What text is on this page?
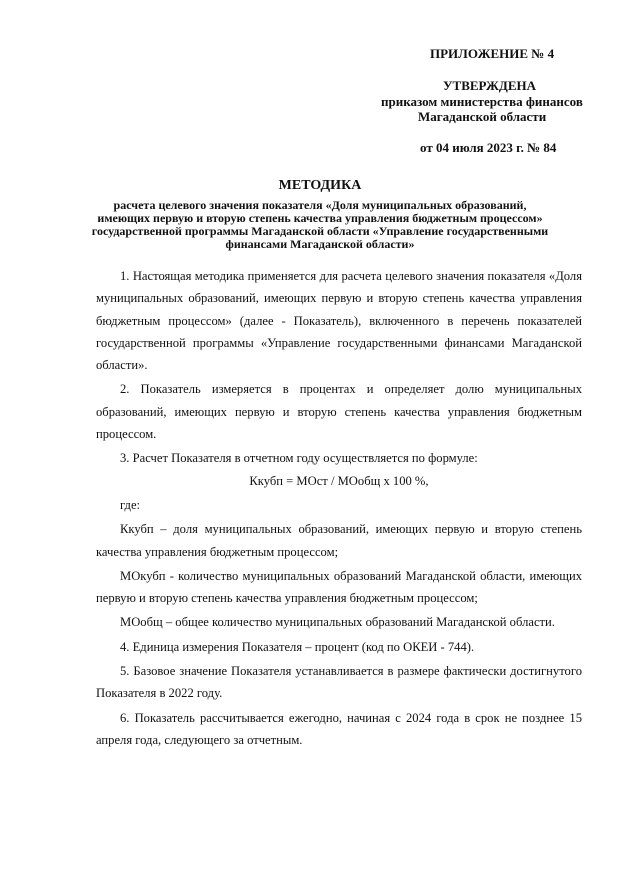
ПРИЛОЖЕНИЕ № 4
УТВЕРЖДЕНА
приказом министерства финансов
Магаданской области
от 04 июля 2023 г. № 84
МЕТОДИКА
расчета целевого значения показателя «Доля муниципальных образований,
имеющих первую и вторую степень качества управления бюджетным процессом»
государственной программы Магаданской области «Управление государственными
финансами Магаданской области»

1. Настоящая методика применяется для расчета целевого значения показателя «Доля муниципальных образований, имеющих первую и вторую степень качества управления бюджетным процессом» (далее - Показатель), включенного в перечень показателей государственной программы «Управление государственными финансами Магаданской области».

2. Показатель измеряется в процентах и определяет долю муниципальных образований, имеющих первую и вторую степень качества управления бюджетным процессом.

3. Расчет Показателя в отчетном году осуществляется по формуле:

Ккубп = МОст / МОобщ х 100 %,

где:

Ккубп – доля муниципальных образований, имеющих первую и вторую степень качества управления бюджетным процессом;

МОкубп - количество муниципальных образований Магаданской области, имеющих первую и вторую степень качества управления бюджетным процессом;

МОобщ – общее количество муниципальных образований Магаданской области.

4. Единица измерения Показателя – процент (код по ОКЕИ - 744).

5. Базовое значение Показателя устанавливается в размере фактически достигнутого Показателя в 2022 году.

6. Показатель рассчитывается ежегодно, начиная с 2024 года в срок не позднее 15 апреля года, следующего за отчетным.
